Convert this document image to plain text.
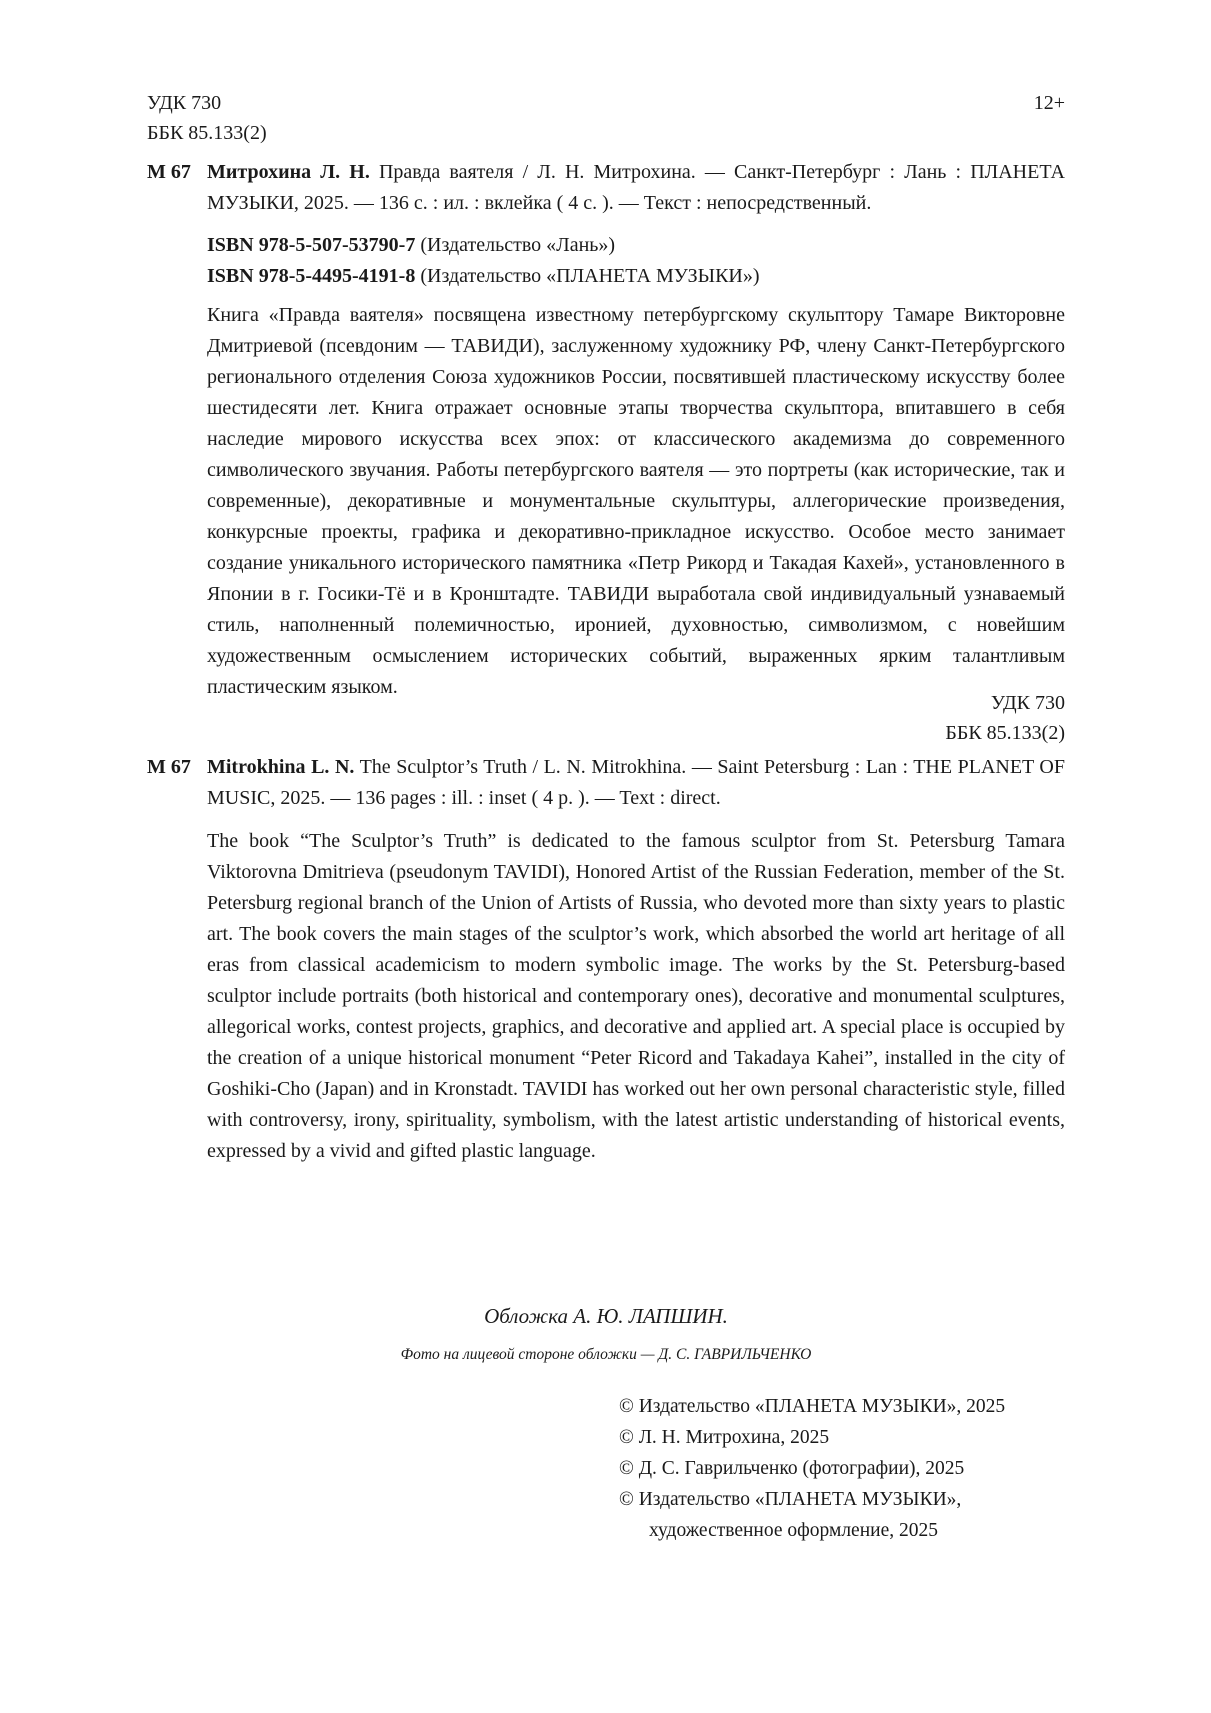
УДК 730
ББК 85.133(2)
12+
М 67 Митрохина Л. Н. Правда ваятеля / Л. Н. Митрохина. — Санкт-Петербург : Лань : ПЛАНЕТА МУЗЫКИ, 2025. — 136 с. : ил. : вклейка ( 4 с. ). — Текст : непосредственный.
ISBN 978-5-507-53790-7 (Издательство «Лань»)
ISBN 978-5-4495-4191-8 (Издательство «ПЛАНЕТА МУЗЫКИ»)
Книга «Правда ваятеля» посвящена известному петербургскому скульптору Тамаре Викторовне Дмитриевой (псевдоним — ТАВИДИ), заслуженному художнику РФ, члену Санкт-Петербургского регионального отделения Союза художников России, посвятившей пластическому искусству более шестидесяти лет. Книга отражает основные этапы творчества скульптора, впитавшего в себя наследие мирового искусства всех эпох: от классического академизма до современного символического звучания. Работы петербургского ваятеля — это портреты (как исторические, так и современные), декоративные и монументальные скульптуры, аллегорические произведения, конкурсные проекты, графика и декоративно-прикладное искусство. Особое место занимает создание уникального исторического памятника «Петр Рикорд и Такадая Кахей», установленного в Японии в г. Госики-Тё и в Кронштадте. ТАВИДИ выработала свой индивидуальный узнаваемый стиль, наполненный полемичностью, иронией, духовностью, символизмом, с новейшим художественным осмыслением исторических событий, выраженных ярким талантливым пластическим языком.
УДК 730
ББК 85.133(2)
М 67 Mitrokhina L. N. The Sculptor’s Truth / L. N. Mitrokhina. — Saint Petersburg : Lan : THE PLANET OF MUSIC, 2025. — 136 pages : ill. : inset ( 4 p. ). — Text : direct.
The book “The Sculptor’s Truth” is dedicated to the famous sculptor from St. Petersburg Tamara Viktorovna Dmitrieva (pseudonym TAVIDI), Honored Artist of the Russian Federation, member of the St. Petersburg regional branch of the Union of Artists of Russia, who devoted more than sixty years to plastic art. The book covers the main stages of the sculptor’s work, which absorbed the world art heritage of all eras from classical academicism to modern symbolic image. The works by the St. Petersburg-based sculptor include portraits (both historical and contemporary ones), decorative and monumental sculptures, allegorical works, contest projects, graphics, and decorative and applied art. A special place is occupied by the creation of a unique historical monument “Peter Ricord and Takadaya Kahei”, installed in the city of Goshiki-Cho (Japan) and in Kronstadt. TAVIDI has worked out her own personal characteristic style, filled with controversy, irony, spirituality, symbolism, with the latest artistic understanding of historical events, expressed by a vivid and gifted plastic language.
Обложка А. Ю. ЛАПШИН.
Фото на лицевой стороне обложки — Д. С. ГАВРИЛЬЧЕНКО
© Издательство «ПЛАНЕТА МУЗЫКИ», 2025
© Л. Н. Митрохина, 2025
© Д. С. Гаврильченко (фотографии), 2025
© Издательство «ПЛАНЕТА МУЗЫКИ»,
художественное оформление, 2025
